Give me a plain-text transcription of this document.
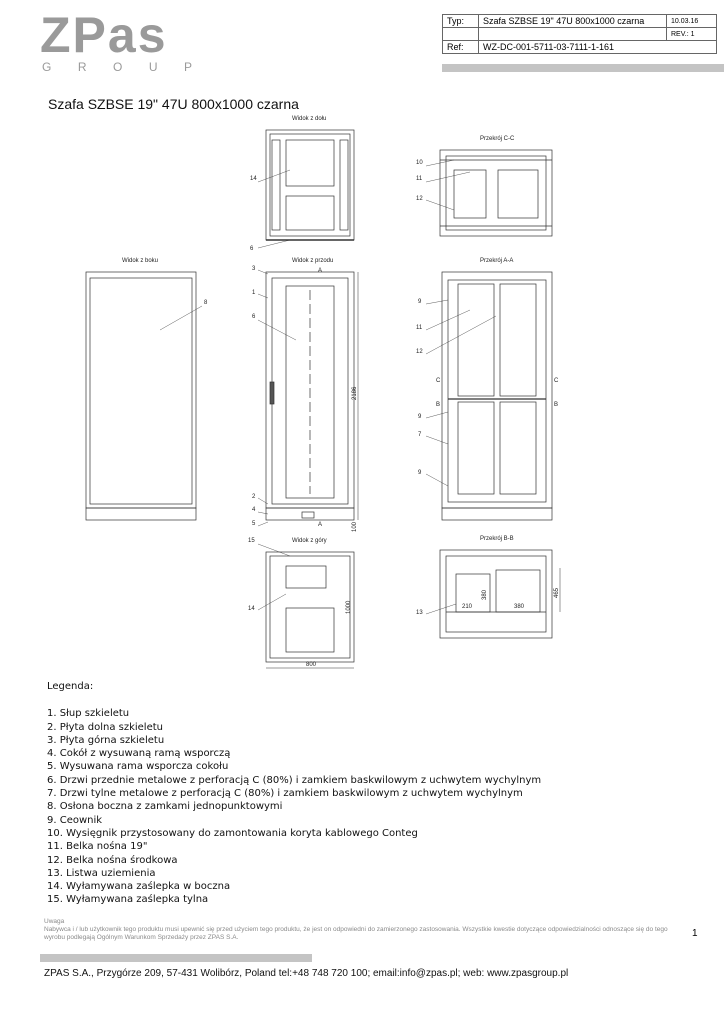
ZPas
G R O U P
Typ:	Szafa SZBSE 19" 47U 800x1000 czarna	10.03.16
		REV.: 1
Ref:	WZ-DC-001-5711-03-7111-1-161	
Szafa SZBSE 19" 47U 800x1000 czarna
Widok z dołu
Przekrój C-C
Widok z boku	Widok z przodu	Przekrój A-A
Widok z góry	Przekrój B-B
14
6
8
3
1
6
2
4
5
10
11
12
9
11
12
9
7
9
15
14
13
A
A
C	C
B	B
2186
100
1000
800
380
210	380
465
Legenda:
1. Słup szkieletu
2. Płyta dolna szkieletu
3. Płyta górna szkieletu
4. Cokół z wysuwaną ramą wsporczą
5. Wysuwana rama wsporcza cokołu
6. Drzwi przednie metalowe z perforacją C (80%) i zamkiem baskwilowym z uchwytem wychylnym
7. Drzwi tylne metalowe z perforacją C (80%) i zamkiem baskwilowym z uchwytem wychylnym
8. Osłona boczna z zamkami jednopunktowymi
9. Ceownik
10. Wysięgnik przystosowany do zamontowania koryta kablowego Conteg
11. Belka nośna 19"
12. Belka nośna środkowa
13. Listwa uziemienia
14. Wyłamywana zaślepka w boczna
15. Wyłamywana zaślepka tylna
Uwaga
Nabywca i / lub użytkownik tego produktu musi upewnić się przed użyciem tego produktu, że jest on odpowiedni do zamierzonego zastosowania. Wszystkie kwestie dotyczące odpowiedzialności odnoszące się do tego wyrobu podlegają Ogólnym Warunkom Sprzedaży przez ZPAS S.A.	1
ZPAS S.A., Przygórze 209, 57-431 Wolibórz, Poland tel:+48 748 720 100; email:info@zpas.pl; web: www.zpasgroup.pl
